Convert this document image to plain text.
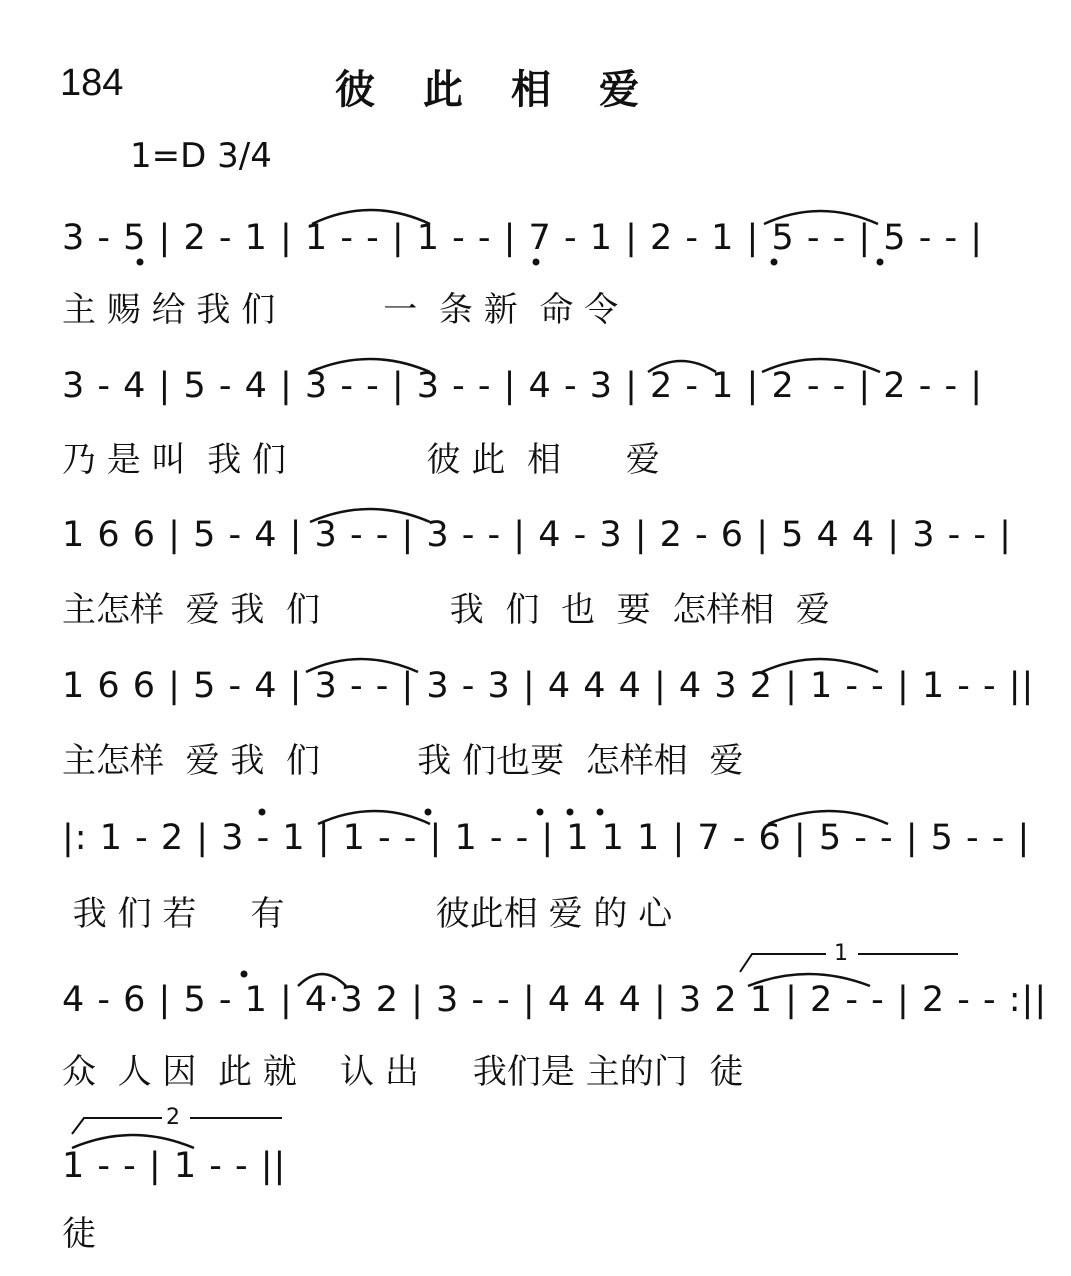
184	彼此相爱
1=D 3/4
3 - 5 | 2 - 1 | 1 - - | 1 - - | 7 - 1 | 2 - 1 | 5 - - | 5 - - |
主 赐 给 我 们          一  条 新  命 令
3 - 4 | 5 - 4 | 3 - - | 3 - - | 4 - 3 | 2 - 1 | 2 - - | 2 - - |
乃 是 叫  我 们             彼 此  相      爱
1 6 6 | 5 - 4 | 3 - - | 3 - - | 4 - 3 | 2 - 6 | 5 4 4 | 3 - - |
主怎样  爱 我  们            我  们  也  要  怎样相  爱
1 6 6 | 5 - 4 | 3 - - | 3 - 3 | 4 4 4 | 4 3 2 | 1 - - | 1 - - ||
主怎样  爱 我  们         我 们也要  怎样相  爱
|: 1 - 2 | 3 - 1 | 1 - - | 1 - - | 1 1 1 | 7 - 6 | 5 - - | 5 - - |
我 们 若     有              彼此相 爱 的 心
4 - 6 | 5 - 1 | 4·3 2 | 3 - - | 4 4 4 | 3 2 1 | 2 - - | 2 - - :||
众  人 因  此 就    认 出     我们是 主的门  徒
1 - - | 1 - - ||
徒
1
2
